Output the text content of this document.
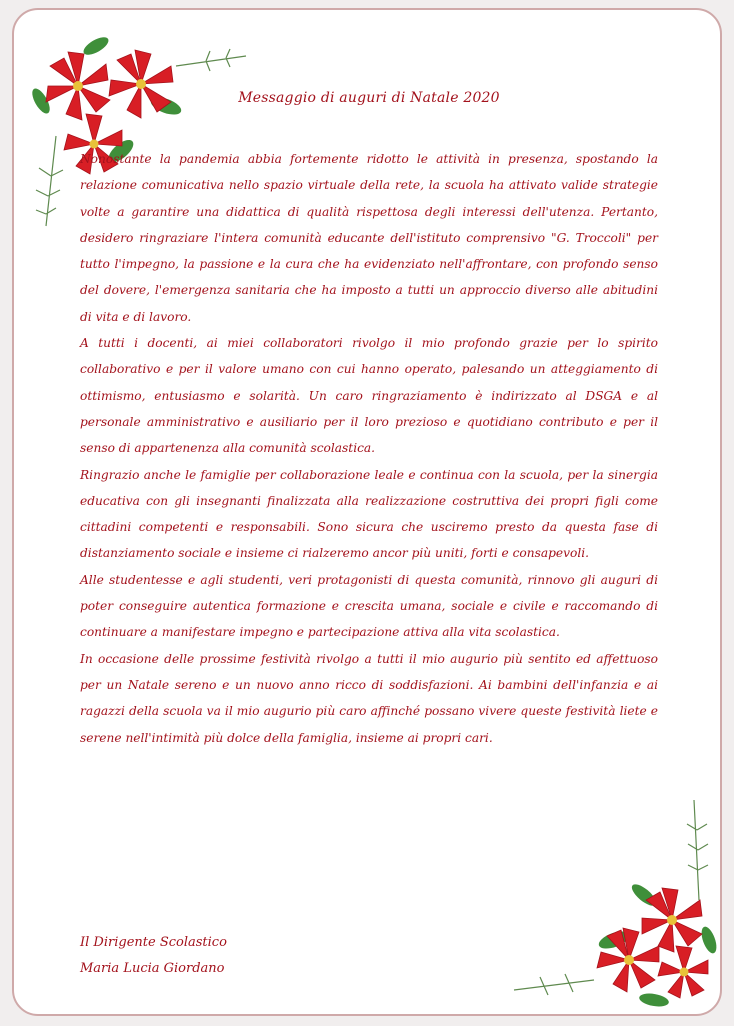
Messaggio di auguri di Natale 2020

Nonostante la pandemia abbia fortemente ridotto le attività in presenza, spostando la relazione comunicativa nello spazio virtuale della rete, la scuola ha attivato valide strategie volte a garantire una didattica di qualità rispettosa degli interessi dell'utenza. Pertanto, desidero ringraziare l'intera comunità educante dell'istituto comprensivo "G. Troccoli" per tutto l'impegno, la passione e la cura che ha evidenziato nell'affrontare, con profondo senso del dovere, l'emergenza sanitaria che ha imposto a tutti un approccio diverso alle abitudini di vita e di lavoro.

A tutti i docenti, ai miei collaboratori rivolgo il mio profondo grazie per lo spirito collaborativo e per il valore umano con cui hanno operato, palesando un atteggiamento di ottimismo, entusiasmo e solarità. Un caro ringraziamento è indirizzato al DSGA e al personale amministrativo e ausiliario per il loro prezioso e quotidiano contributo e per il senso di appartenenza alla comunità scolastica.

Ringrazio anche le famiglie per collaborazione leale e continua con la scuola, per la sinergia educativa con gli insegnanti finalizzata alla realizzazione costruttiva dei propri figli come cittadini competenti e responsabili. Sono sicura che usciremo presto da questa fase di distanziamento sociale e insieme ci rialzeremo ancor più uniti, forti e consapevoli.

Alle studentesse e agli studenti, veri protagonisti di questa comunità, rinnovo gli auguri di poter conseguire autentica formazione e crescita umana, sociale e civile e raccomando di continuare a manifestare impegno e partecipazione attiva alla vita scolastica.

In occasione delle prossime festività rivolgo a tutti il mio augurio più sentito ed affettuoso per un Natale sereno e un nuovo anno ricco di soddisfazioni. Ai bambini dell'infanzia e ai ragazzi della scuola va il mio augurio più caro affinché possano vivere queste festività liete e serene nell'intimità più dolce della famiglia, insieme ai propri cari.

Il Dirigente Scolastico
Maria Lucia Giordano
